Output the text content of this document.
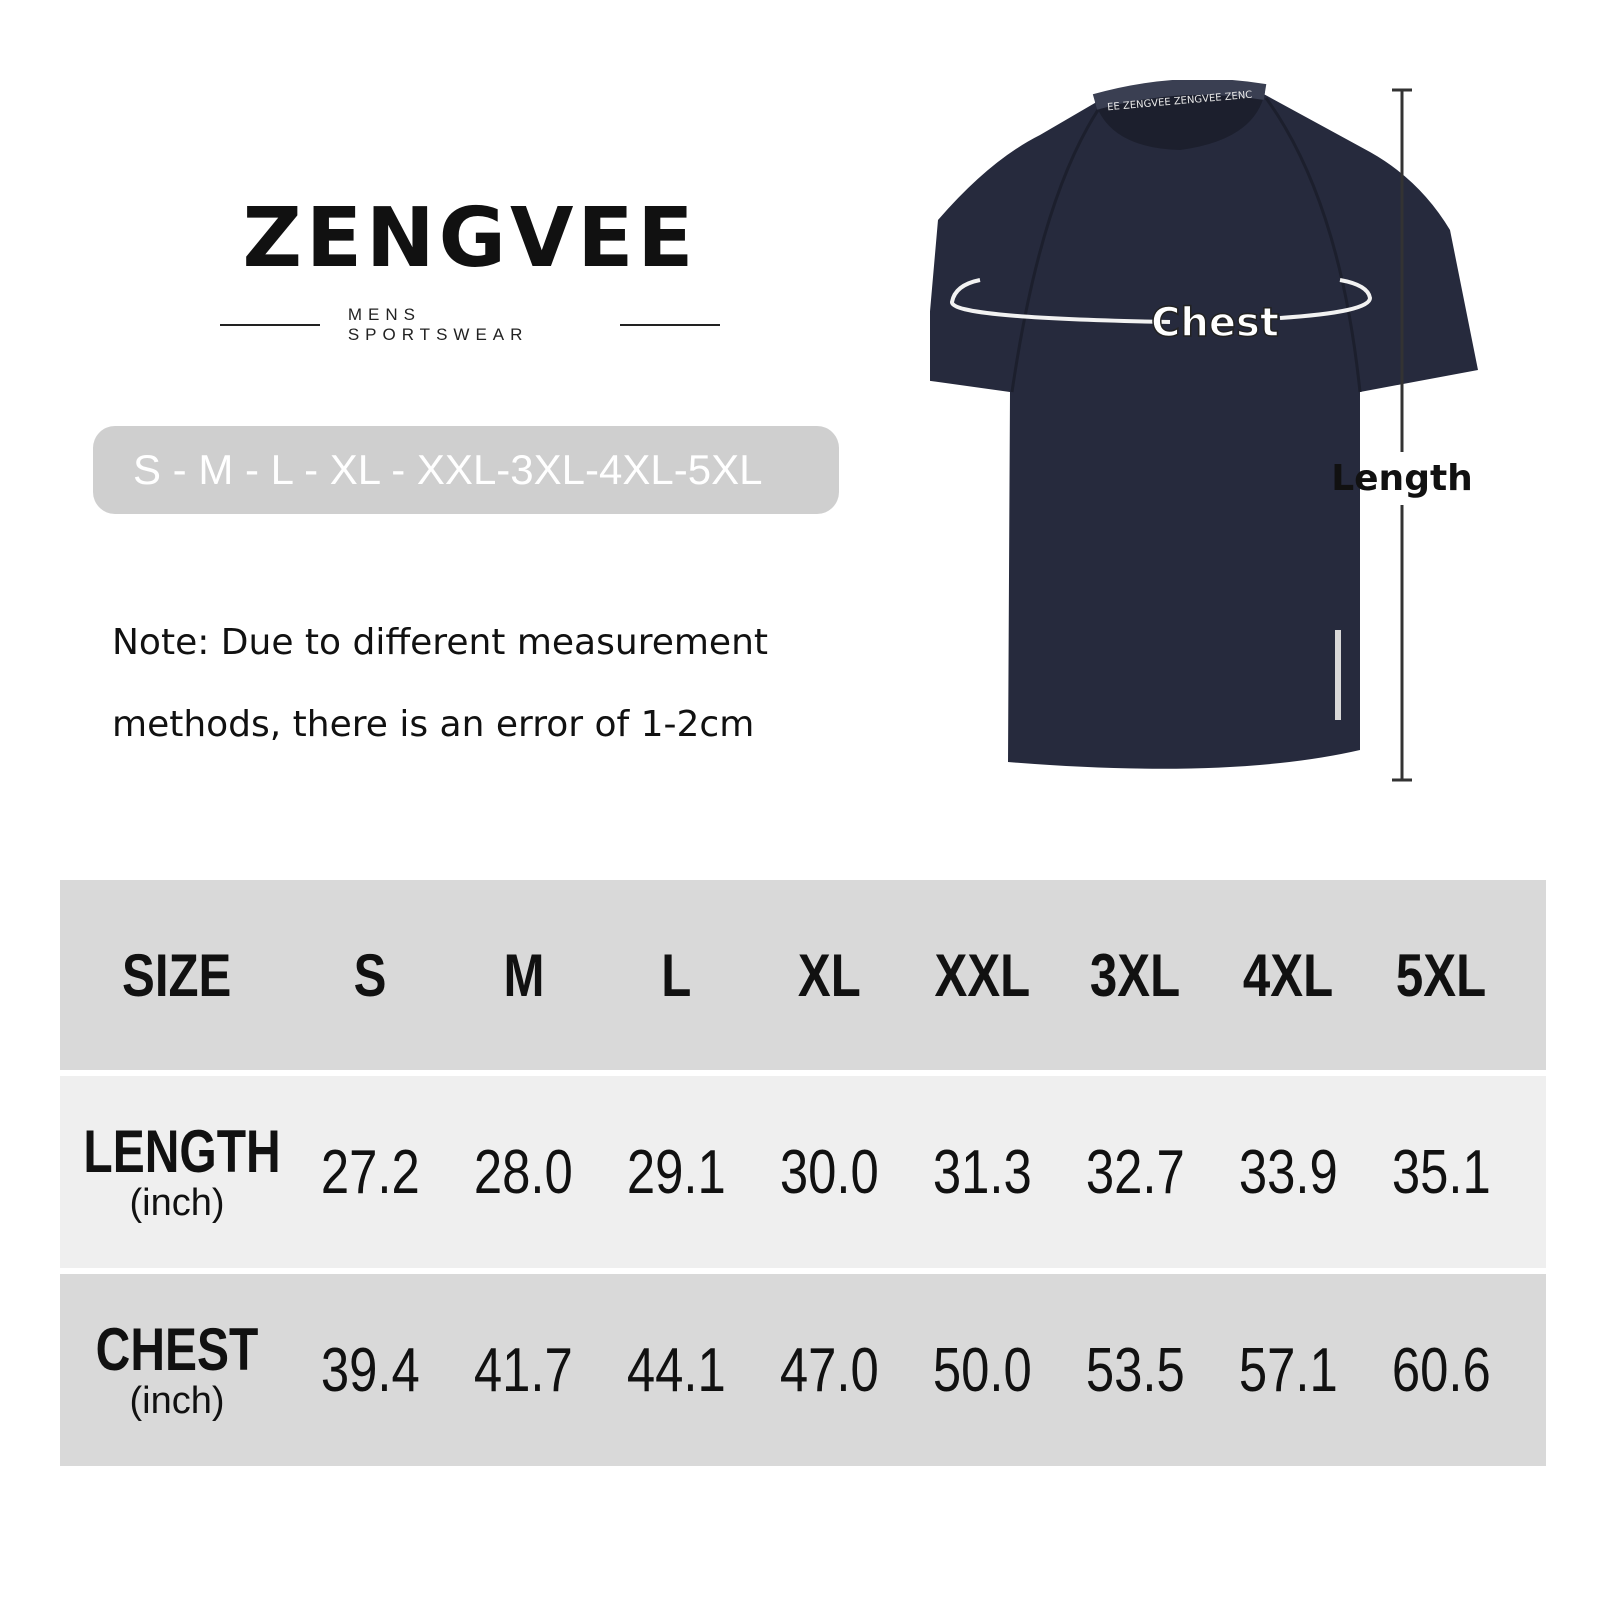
ZENGVEE
MENS SPORTSWEAR
S - M - L - XL - XXL-3XL-4XL-5XL
Note: Due to different measurement
methods, there is an error of 1-2cm
EE ZENGVEE ZENGVEE ZENC
Chest
Length
SIZE	S	M	L	XL	XXL	3XL	4XL	5XL
LENGTH
(inch)	27.2 28.0 29.1 30.0 31.3 32.7 33.9 35.1
CHEST
(inch)	39.4 41.7 44.1 47.0 50.0 53.5 57.1 60.6
